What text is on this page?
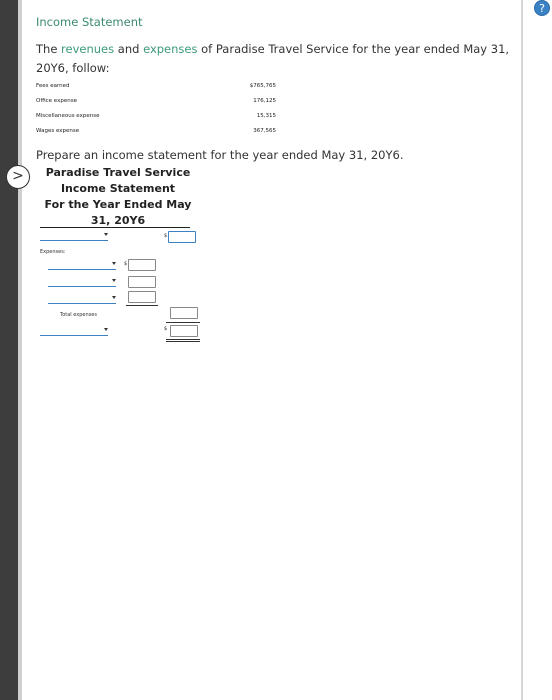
?
>
Income Statement
The revenues and expenses of Paradise Travel Service for the year ended May 31, 20Y6, follow:
Fees earned	$765,765
Office expense	176,125
Miscellaneous expense	15,315
Wages expense	367,565
Prepare an income statement for the year ended May 31, 20Y6.
Paradise Travel Service
Income Statement
For the Year Ended May
31, 20Y6
$
Expenses:
$
Total expenses
$
